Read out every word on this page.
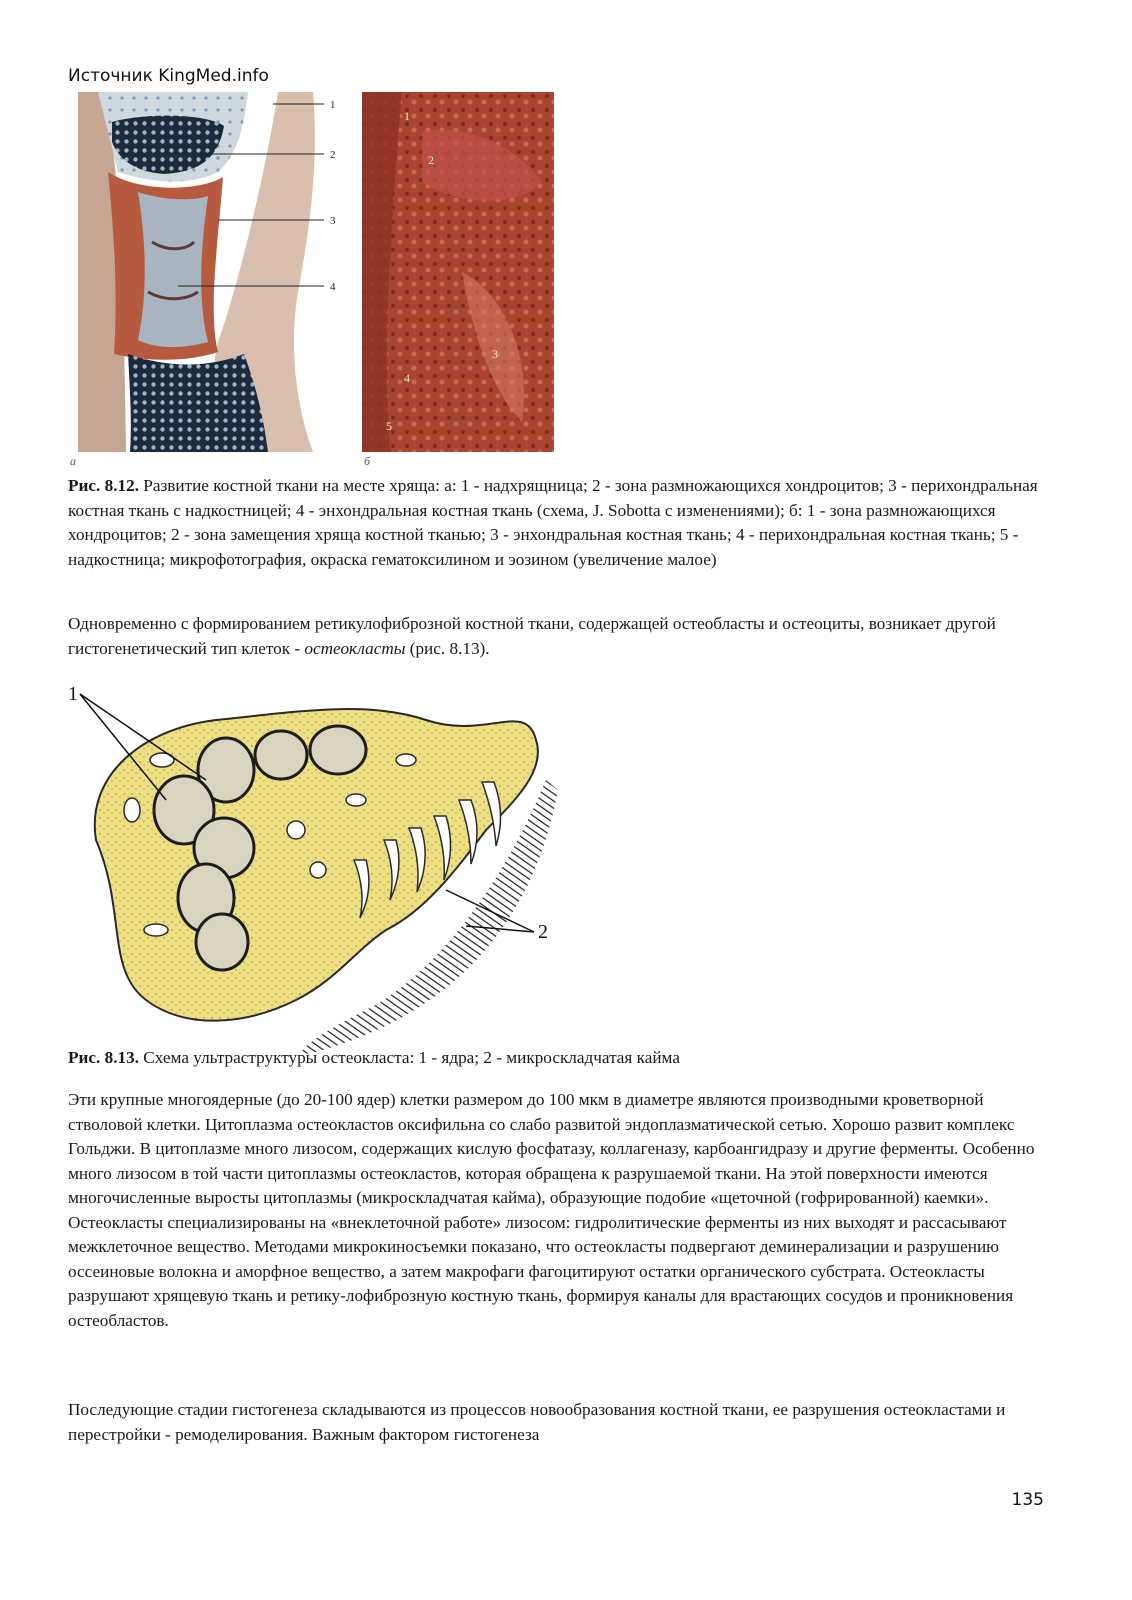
Источник KingMed.info
1
2
3
4
а
1
2
3
4
5
б

Рис. 8.12. Развитие костной ткани на месте хряща: а: 1 - надхрящница; 2 - зона размножающихся хондроцитов; 3 - перихондральная костная ткань с надкостницей; 4 - энхондральная костная ткань (схема, J. Sobotta с изменениями); б: 1 - зона размножающихся хондроцитов; 2 - зона замещения хряща костной тканью; 3 - энхондральная костная ткань; 4 - перихондральная костная ткань; 5 - надкостница; микрофотография, окраска гематоксилином и эозином (увеличение малое)

Одновременно с формированием ретикулофиброзной костной ткани, содержащей остеобласты и остеоциты, возникает другой гистогенетический тип клеток - остеокласты (рис. 8.13).

1
2

Рис. 8.13. Схема ультраструктуры остеокласта: 1 - ядра; 2 - микроскладчатая кайма

Эти крупные многоядерные (до 20-100 ядер) клетки размером до 100 мкм в диаметре являются производными кроветворной стволовой клетки. Цитоплазма остеокластов оксифильна со слабо развитой эндоплазматической сетью. Хорошо развит комплекс Гольджи. В цитоплазме много лизосом, содержащих кислую фосфатазу, коллагеназу, карбоангидразу и другие ферменты. Особенно много лизосом в той части цитоплазмы остеокластов, которая обращена к разрушаемой ткани. На этой поверхности имеются многочисленные выросты цитоплазмы (микроскладчатая кайма), образующие подобие «щеточной (гофрированной) каемки». Остеокласты специализированы на «внеклеточной работе» лизосом: гидролитические ферменты из них выходят и рассасывают межклеточное вещество. Методами микрокиносъемки показано, что остеокласты подвергают деминерализации и разрушению оссеиновые волокна и аморфное вещество, а затем макрофаги фагоцитируют остатки органического субстрата. Остеокласты разрушают хрящевую ткань и ретику-лофиброзную костную ткань, формируя каналы для врастающих сосудов и проникновения остеобластов.

Последующие стадии гистогенеза складываются из процессов новообразования костной ткани, ее разрушения остеокластами и перестройки - ремоделирования. Важным фактором гистогенеза

135
